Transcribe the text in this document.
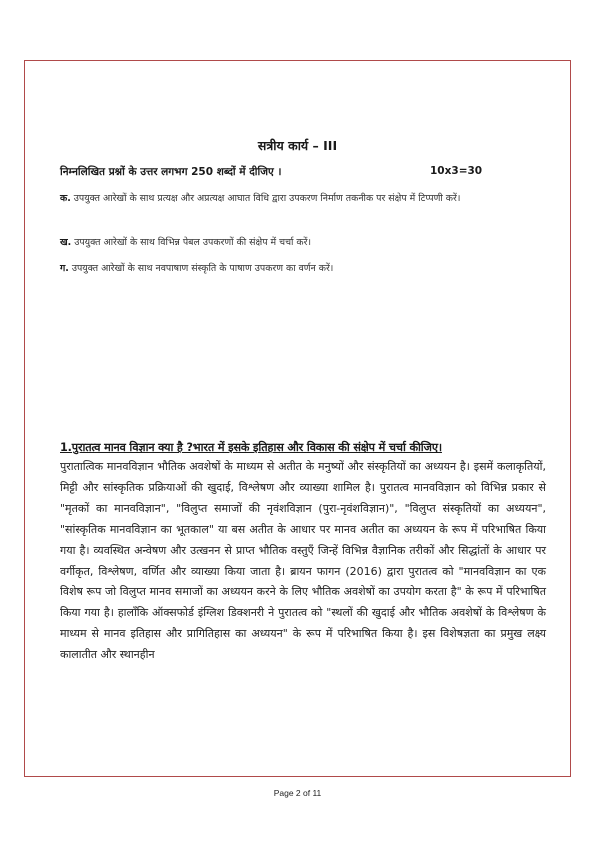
सत्रीय कार्य – III
निम्नलिखित प्रश्नों के उत्तर लगभग 250 शब्दों में दीजिए ।	10x3=30
क. उपयुक्त आरेखों के साथ प्रत्यक्ष और अप्रत्यक्ष आघात विधि द्वारा उपकरण निर्माण तकनीक पर संक्षेप में टिप्पणी करें।
ख. उपयुक्त आरेखों के साथ विभिन्न पेबल उपकरणों की संक्षेप में चर्चा करें।
ग. उपयुक्त आरेखों के साथ नवपाषाण संस्कृति के पाषाण उपकरण का वर्णन करें।
1.पुरातत्व मानव विज्ञान क्या है ?भारत में इसके इतिहास और विकास की संक्षेप में चर्चा कीजिए।
पुरातात्विक मानवविज्ञान भौतिक अवशेषों के माध्यम से अतीत के मनुष्यों और संस्कृतियों का अध्ययन है। इसमें कलाकृतियों, मिट्टी और सांस्कृतिक प्रक्रियाओं की खुदाई, विश्लेषण और व्याख्या शामिल है। पुरातत्व मानवविज्ञान को विभिन्न प्रकार से "मृतकों का मानवविज्ञान", "विलुप्त समाजों की नृवंशविज्ञान (पुरा-नृवंशविज्ञान)", "विलुप्त संस्कृतियों का अध्ययन", "सांस्कृतिक मानवविज्ञान का भूतकाल" या बस अतीत के आधार पर मानव अतीत का अध्ययन के रूप में परिभाषित किया गया है। व्यवस्थित अन्वेषण और उत्खनन से प्राप्त भौतिक वस्तुएँ जिन्हें विभिन्न वैज्ञानिक तरीकों और सिद्धांतों के आधार पर वर्गीकृत, विश्लेषण, वर्णित और व्याख्या किया जाता है। ब्रायन फागन (2016) द्वारा पुरातत्व को "मानवविज्ञान का एक विशेष रूप जो विलुप्त मानव समाजों का अध्ययन करने के लिए भौतिक अवशेषों का उपयोग करता है" के रूप में परिभाषित किया गया है। हालाँकि ऑक्सफोर्ड इंग्लिश डिक्शनरी ने पुरातत्व को "स्थलों की खुदाई और भौतिक अवशेषों के विश्लेषण के माध्यम से मानव इतिहास और प्रागितिहास का अध्ययन" के रूप में परिभाषित किया है। इस विशेषज्ञता का प्रमुख लक्ष्य कालातीत और स्थानहीन
Page 2 of 11
